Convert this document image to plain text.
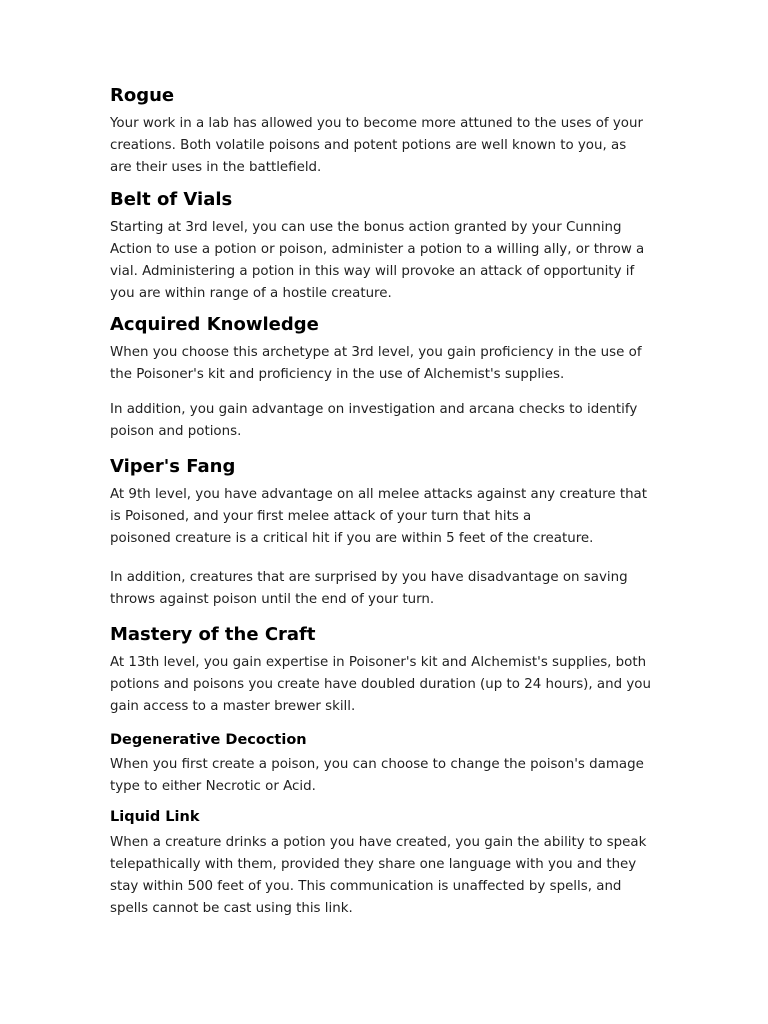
Rogue

Your work in a lab has allowed you to become more attuned to the uses of your
creations. Both volatile poisons and potent potions are well known to you, as
are their uses in the battlefield.

Belt of Vials

Starting at 3rd level, you can use the bonus action granted by your Cunning
Action to use a potion or poison, administer a potion to a willing ally, or throw a
vial. Administering a potion in this way will provoke an attack of opportunity if
you are within range of a hostile creature.

Acquired Knowledge

When you choose this archetype at 3rd level, you gain proficiency in the use of
the Poisoner's kit and proficiency in the use of Alchemist's supplies.

In addition, you gain advantage on investigation and arcana checks to identify
poison and potions.

Viper's Fang

At 9th level, you have advantage on all melee attacks against any creature that
is Poisoned, and your first melee attack of your turn that hits a
poisoned creature is a critical hit if you are within 5 feet of the creature.

In addition, creatures that are surprised by you have disadvantage on saving
throws against poison until the end of your turn.

Mastery of the Craft

At 13th level, you gain expertise in Poisoner's kit and Alchemist's supplies, both
potions and poisons you create have doubled duration (up to 24 hours), and you
gain access to a master brewer skill.

Degenerative Decoction

When you first create a poison, you can choose to change the poison's damage
type to either Necrotic or Acid.

Liquid Link

When a creature drinks a potion you have created, you gain the ability to speak
telepathically with them, provided they share one language with you and they
stay within 500 feet of you. This communication is unaffected by spells, and
spells cannot be cast using this link.
